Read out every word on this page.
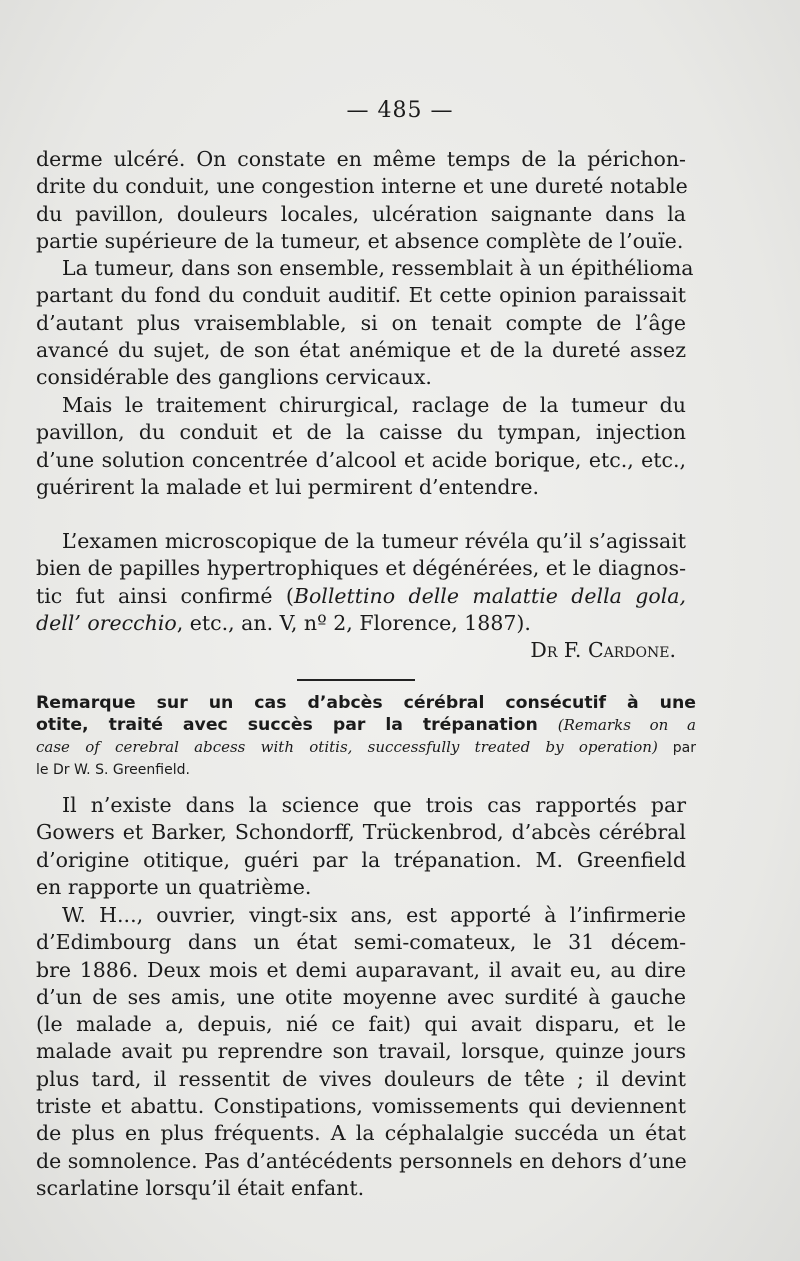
— 485 —
derme ulcéré. On constate en même temps de la périchon-
drite du conduit, une congestion interne et une dureté notable
du pavillon, douleurs locales, ulcération saignante dans la
partie supérieure de la tumeur, et absence complète de l’ouïe.
La tumeur, dans son ensemble, ressemblait à un épithélioma
partant du fond du conduit auditif. Et cette opinion paraissait
d’autant plus vraisemblable, si on tenait compte de l’âge
avancé du sujet, de son état anémique et de la dureté assez
considérable des ganglions cervicaux.
Mais le traitement chirurgical, raclage de la tumeur du
pavillon, du conduit et de la caisse du tympan, injection
d’une solution concentrée d’alcool et acide borique, etc., etc.,
guérirent la malade et lui permirent d’entendre.
L’examen microscopique de la tumeur révéla qu’il s’agissait
bien de papilles hypertrophiques et dégénérées, et le diagnos-
tic fut ainsi confirmé (Bollettino delle malattie della gola,
dell’ orecchio, etc., an. V, nº 2, Florence, 1887).
Dr F. Cardone.
Remarque sur un cas d’abcès cérébral consécutif à une
otite, traité avec succès par la trépanation (Remarks on a
case of cerebral abcess with otitis, successfully treated by operation) par
le Dr W. S. Greenfield.
Il n’existe dans la science que trois cas rapportés par
Gowers et Barker, Schondorff, Trückenbrod, d’abcès cérébral
d’origine otitique, guéri par la trépanation. M. Greenfield
en rapporte un quatrième.
W. H..., ouvrier, vingt-six ans, est apporté à l’infirmerie
d’Edimbourg dans un état semi-comateux, le 31 décem-
bre 1886. Deux mois et demi auparavant, il avait eu, au dire
d’un de ses amis, une otite moyenne avec surdité à gauche
(le malade a, depuis, nié ce fait) qui avait disparu, et le
malade avait pu reprendre son travail, lorsque, quinze jours
plus tard, il ressentit de vives douleurs de tête ; il devint
triste et abattu. Constipations, vomissements qui deviennent
de plus en plus fréquents. A la céphalalgie succéda un état
de somnolence. Pas d’antécédents personnels en dehors d’une
scarlatine lorsqu’il était enfant.
